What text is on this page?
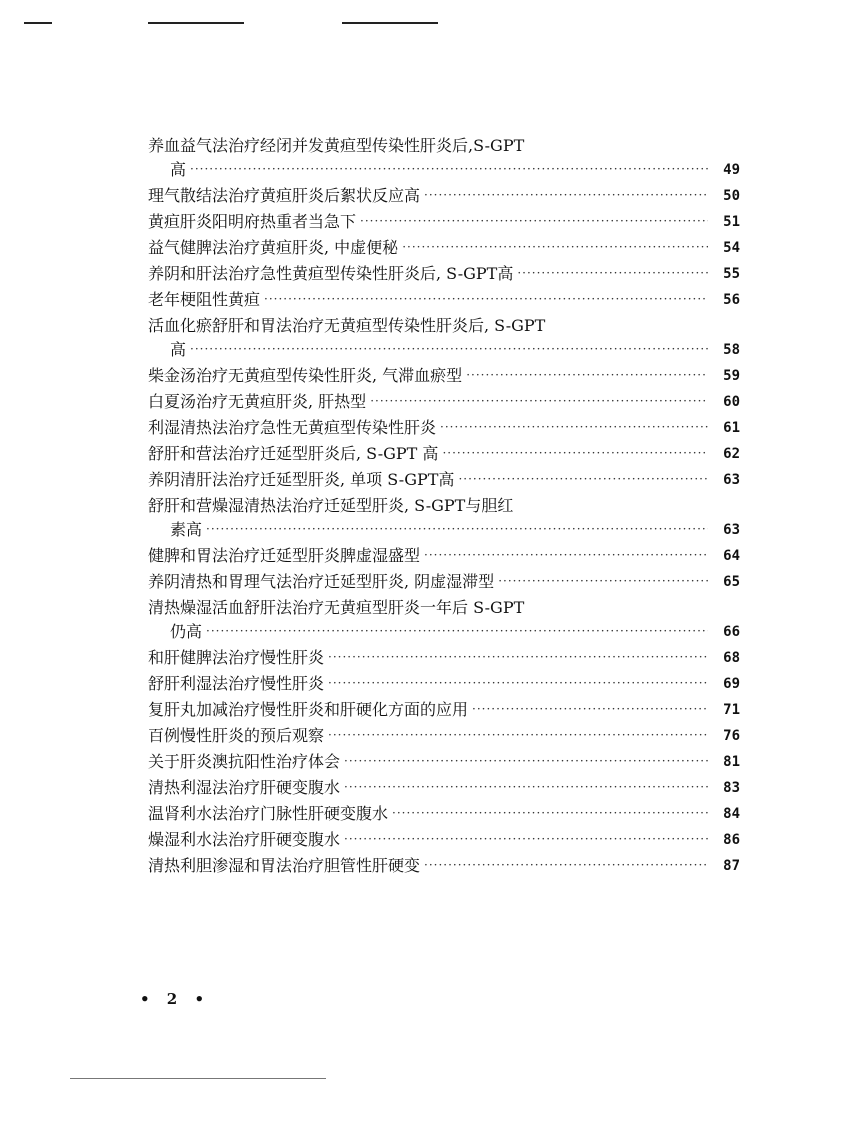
养血益气法治疗经闭并发黄疸型传染性肝炎后,S-GPT
高 ·····	49
理气散结法治疗黄疸肝炎后絮状反应高 ·····	50
黄疸肝炎阳明府热重者当急下 ·····	51
益气健脾法治疗黄疸肝炎, 中虚便秘 ·····	54
养阴和肝法治疗急性黄疸型传染性肝炎后, S-GPT高 ·····	55
老年梗阻性黄疸 ·····	56
活血化瘀舒肝和胃法治疗无黄疸型传染性肝炎后, S-GPT
高 ·····	58
柴金汤治疗无黄疸型传染性肝炎, 气滞血瘀型 ·····	59
白夏汤治疗无黄疸肝炎, 肝热型 ·····	60
利湿清热法治疗急性无黄疸型传染性肝炎 ·····	61
舒肝和营法治疗迁延型肝炎后, S-GPT 高 ·····	62
养阴清肝法治疗迁延型肝炎, 单项 S-GPT高 ·····	63
舒肝和营燥湿清热法治疗迁延型肝炎, S-GPT与胆红
素高 ·····	63
健脾和胃法治疗迁延型肝炎脾虚湿盛型 ·····	64
养阴清热和胃理气法治疗迁延型肝炎, 阴虚湿滞型 ·····	65
清热燥湿活血舒肝法治疗无黄疸型肝炎一年后 S-GPT
仍高 ·····	66
和肝健脾法治疗慢性肝炎 ·····	68
舒肝利湿法治疗慢性肝炎 ·····	69
复肝丸加减治疗慢性肝炎和肝硬化方面的应用 ·····	71
百例慢性肝炎的预后观察 ·····	76
关于肝炎澳抗阳性治疗体会 ·····	81
清热利湿法治疗肝硬变腹水 ·····	83
温肾利水法治疗门脉性肝硬变腹水 ·····	84
燥湿利水法治疗肝硬变腹水 ·····	86
清热利胆渗湿和胃法治疗胆管性肝硬变 ·····	87
• 2 •
